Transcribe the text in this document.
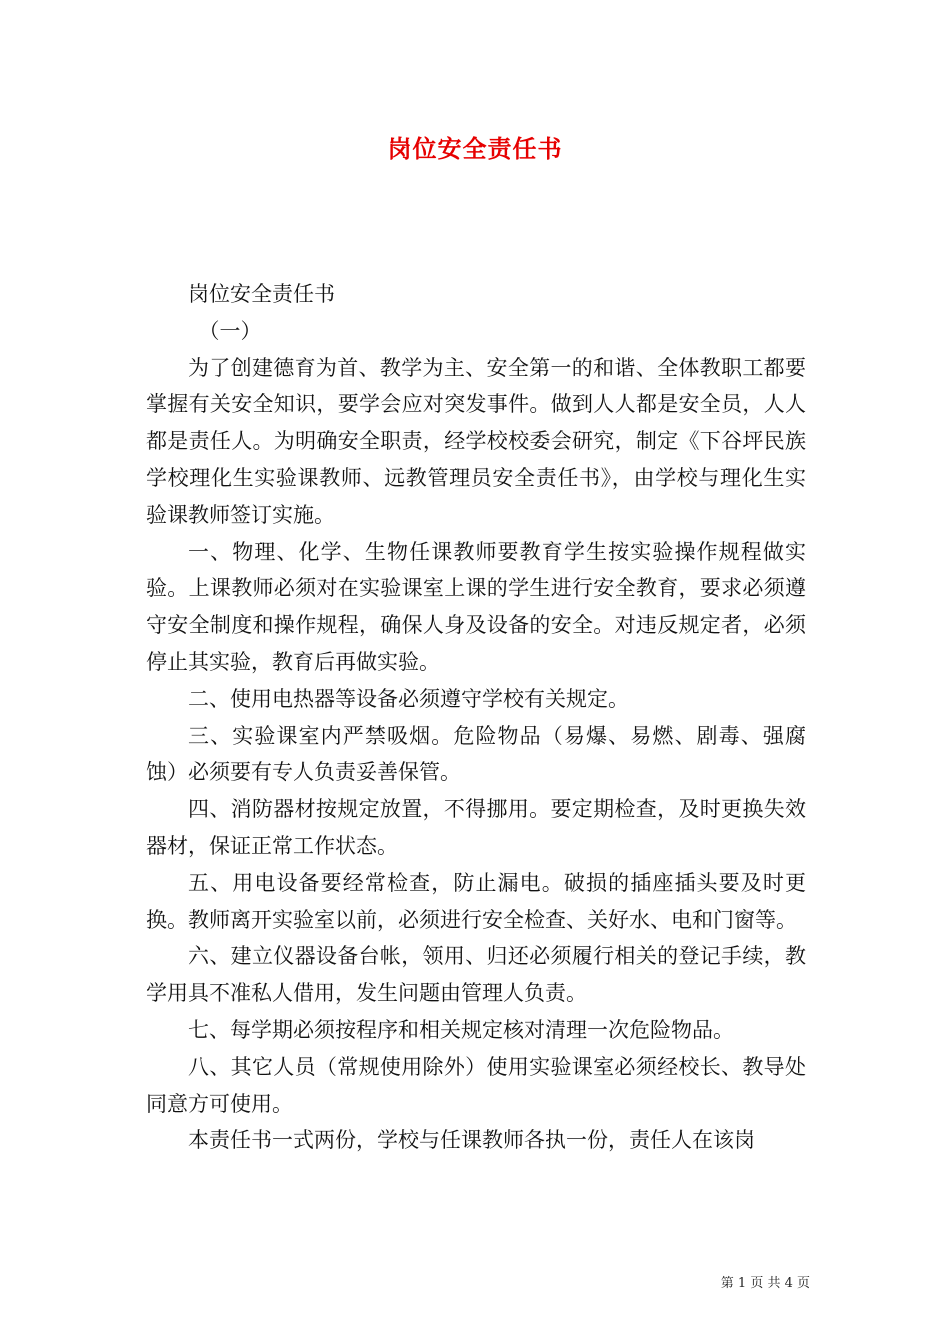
岗位安全责任书

岗位安全责任书

（一）

为了创建德育为首、教学为主、安全第一的和谐、全体教职工都要掌握有关安全知识，要学会应对突发事件。做到人人都是安全员，人人都是责任人。为明确安全职责，经学校校委会研究，制定《下谷坪民族学校理化生实验课教师、远教管理员安全责任书》，由学校与理化生实验课教师签订实施。

一、物理、化学、生物任课教师要教育学生按实验操作规程做实验。上课教师必须对在实验课室上课的学生进行安全教育，要求必须遵守安全制度和操作规程，确保人身及设备的安全。对违反规定者，必须停止其实验，教育后再做实验。

二、使用电热器等设备必须遵守学校有关规定。

三、实验课室内严禁吸烟。危险物品（易爆、易燃、剧毒、强腐蚀）必须要有专人负责妥善保管。

四、消防器材按规定放置，不得挪用。要定期检查，及时更换失效器材，保证正常工作状态。

五、用电设备要经常检查，防止漏电。破损的插座插头要及时更换。教师离开实验室以前，必须进行安全检查、关好水、电和门窗等。

六、建立仪器设备台帐，领用、归还必须履行相关的登记手续，教学用具不准私人借用，发生问题由管理人负责。

七、每学期必须按程序和相关规定核对清理一次危险物品。

八、其它人员（常规使用除外）使用实验课室必须经校长、教导处同意方可使用。

本责任书一式两份，学校与任课教师各执一份，责任人在该岗

第 1 页 共 4 页
